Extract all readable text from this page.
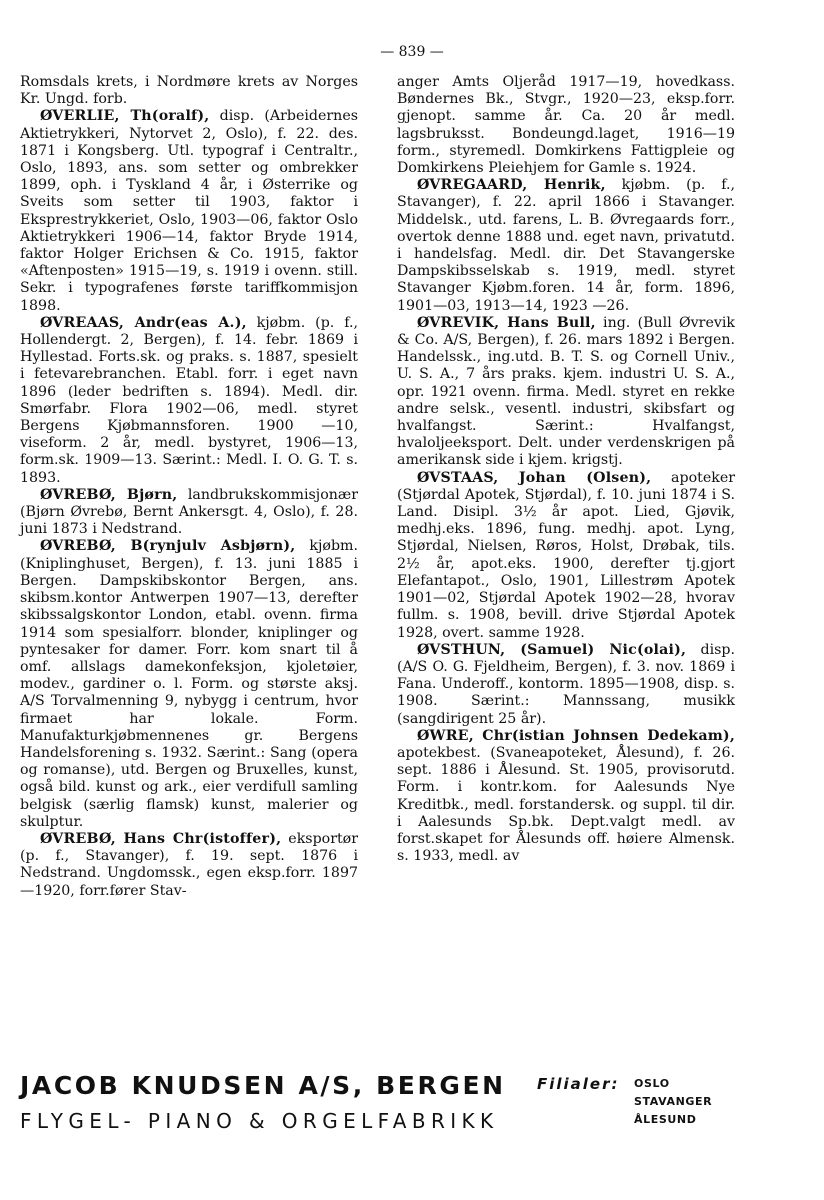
— 839 —

Romsdals krets, i Nordmøre krets av Norges Kr. Ungd. forb.

ØVERLIE, Th(oralf), disp. (Arbeidernes Aktietrykkeri, Nytorvet 2, Oslo), f. 22. des. 1871 i Kongsberg. Utl. typograf i Centraltr., Oslo, 1893, ans. som setter og ombrekker 1899, oph. i Tyskland 4 år, i Østerrike og Sveits som setter til 1903, faktor i Eksprestrykkeriet, Oslo, 1903—06, faktor Oslo Aktietrykkeri 1906—14, faktor Bryde 1914, faktor Holger Erichsen & Co. 1915, faktor «Aftenposten» 1915—19, s. 1919 i ovenn. still. Sekr. i typografenes første tariffkommisjon 1898.

ØVREAAS, Andr(eas A.), kjøbm. (p. f., Hollendergt. 2, Bergen), f. 14. febr. 1869 i Hyllestad. Forts.sk. og praks. s. 1887, spesielt i fetevarebranchen. Etabl. forr. i eget navn 1896 (leder bedriften s. 1894). Medl. dir. Smørfabr. Flora 1902—06, medl. styret Bergens Kjøbmannsforen. 1900 —10, viseform. 2 år, medl. bystyret, 1906—13, form.sk. 1909—13. Særint.: Medl. I. O. G. T. s. 1893.

ØVREBØ, Bjørn, landbrukskommisjonær (Bjørn Øvrebø, Bernt Ankersgt. 4, Oslo), f. 28. juni 1873 i Nedstrand.

ØVREBØ, B(rynjulv Asbjørn), kjøbm. (Kniplinghuset, Bergen), f. 13. juni 1885 i Bergen. Dampskibskontor Bergen, ans. skibsm.kontor Antwerpen 1907—13, derefter skibssalgskontor London, etabl. ovenn. firma 1914 som spesialforr. blonder, kniplinger og pyntesaker for damer. Forr. kom snart til å omf. allslags damekonfeksjon, kjoletøier, modev., gardiner o. l. Form. og største aksj. A/S Torvalmenning 9, nybygg i centrum, hvor firmaet har lokale. Form. Manufakturkjøbmennenes gr. Bergens Handelsforening s. 1932. Særint.: Sang (opera og romanse), utd. Bergen og Bruxelles, kunst, også bild. kunst og ark., eier verdifull samling belgisk (særlig flamsk) kunst, malerier og skulptur.

ØVREBØ, Hans Chr(istoffer), eksportør (p. f., Stavanger), f. 19. sept. 1876 i Nedstrand. Ungdomssk., egen eksp.forr. 1897—1920, forr.fører Stav-

anger Amts Oljeråd 1917—19, hovedkass. Bøndernes Bk., Stvgr., 1920—23, eksp.forr. gjenopt. samme år. Ca. 20 år medl. lagsbruksst. Bondeungd.laget, 1916—19 form., styremedl. Domkirkens Fattigpleie og Domkirkens Pleiehjem for Gamle s. 1924.

ØVREGAARD, Henrik, kjøbm. (p. f., Stavanger), f. 22. april 1866 i Stavanger. Middelsk., utd. farens, L. B. Øvregaards forr., overtok denne 1888 und. eget navn, privatutd. i handelsfag. Medl. dir. Det Stavangerske Dampskibsselskab s. 1919, medl. styret Stavanger Kjøbm.foren. 14 år, form. 1896, 1901—03, 1913—14, 1923 —26.

ØVREVIK, Hans Bull, ing. (Bull Øvrevik & Co. A/S, Bergen), f. 26. mars 1892 i Bergen. Handelssk., ing.utd. B. T. S. og Cornell Univ., U. S. A., 7 års praks. kjem. industri U. S. A., opr. 1921 ovenn. firma. Medl. styret en rekke andre selsk., vesentl. industri, skibsfart og hvalfangst. Særint.: Hvalfangst, hvaloljeeksport. Delt. under verdenskrigen på amerikansk side i kjem. krigstj.

ØVSTAAS, Johan (Olsen), apoteker (Stjørdal Apotek, Stjørdal), f. 10. juni 1874 i S. Land. Disipl. 3½ år apot. Lied, Gjøvik, medhj.eks. 1896, fung. medhj. apot. Lyng, Stjørdal, Nielsen, Røros, Holst, Drøbak, tils. 2½ år, apot.eks. 1900, derefter tj.gjort Elefantapot., Oslo, 1901, Lillestrøm Apotek 1901—02, Stjørdal Apotek 1902—28, hvorav fullm. s. 1908, bevill. drive Stjørdal Apotek 1928, overt. samme 1928.

ØVSTHUN, (Samuel) Nic(olai), disp. (A/S O. G. Fjeldheim, Bergen), f. 3. nov. 1869 i Fana. Underoff., kontorm. 1895—1908, disp. s. 1908. Særint.: Mannssang, musikk (sangdirigent 25 år).

ØWRE, Chr(istian Johnsen Dedekam), apotekbest. (Svaneapoteket, Ålesund), f. 26. sept. 1886 i Ålesund. St. 1905, provisorutd. Form. i kontr.kom. for Aalesunds Nye Kreditbk., medl. forstandersk. og suppl. til dir. i Aalesunds Sp.bk. Dept.valgt medl. av forst.skapet for Ålesunds off. høiere Almensk. s. 1933, medl. av

JACOB KNUDSEN A/S, BERGEN
FLYGEL- PIANO & ORGELFABRIKK
Filialer: OSLO
STAVANGER
ÅLESUND
